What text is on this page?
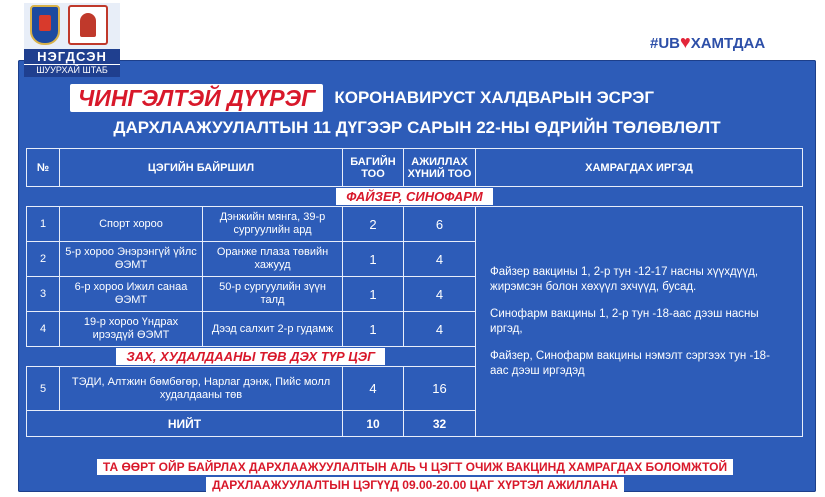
НЭГДСЭН
ШУУРХАЙ ШТАБ
#UB♥ХАМТДАА
ЧИНГЭЛТЭЙ ДҮҮРЭГ КОРОНАВИРУСТ ХАЛДВАРЫН ЭСРЭГ
ДАРХЛААЖУУЛАЛТЫН 11 ДҮГЭЭР САРЫН 22-НЫ ӨДРИЙН ТӨЛӨВЛӨЛТ
№	ЦЭГИЙН БАЙРШИЛ		БАГИЙН ТОО	АЖИЛЛАХ ХҮНИЙ ТОО	ХАМРАГДАХ ИРГЭД
ФАЙЗЕР, СИНОФАРМ					
1	Спорт хороо	Дэнжийн мянга, 39-р сургуулийн ард	2	6	Файзер вакцины 1, 2-р тун -12-17 насны хүүхдүүд, жирэмсэн болон хөхүүл эхчүүд, бусад.

Синофарм вакцины 1, 2-р тун -18-аас дээш насны иргэд,

Файзер, Синофарм вакцины нэмэлт сэргээх тун -18-аас дээш иргэдэд

2	5-р хороо Энэрэнгүй үйлс ӨЭМТ	Оранже плаза төвийн хажууд	1	4	
3	6-р хороо Ижил санаа ӨЭМТ	50-р сургуулийн зүүн талд	1	4	
4	19-р хороо Үндрах ирээдүй ӨЭМТ	Дээд салхит 2-р гудамж	1	4	
ЗАХ, ХУДАЛДААНЫ ТӨВ ДЭХ ТҮР ЦЭГ					
5	ТЭДИ, Алтжин бөмбөгөр, Нарлаг дэнж, Пийс молл худалдааны төв		4	16	
НИЙТ			10	32	
ТА ӨӨРТ ОЙР БАЙРЛАХ ДАРХЛААЖУУЛАЛТЫН АЛЬ Ч ЦЭГТ ОЧИЖ ВАКЦИНД ХАМРАГДАХ БОЛОМЖТОЙ
ДАРХЛААЖУУЛАЛТЫН ЦЭГҮҮД 09.00-20.00 ЦАГ ХҮРТЭЛ АЖИЛЛАНА
